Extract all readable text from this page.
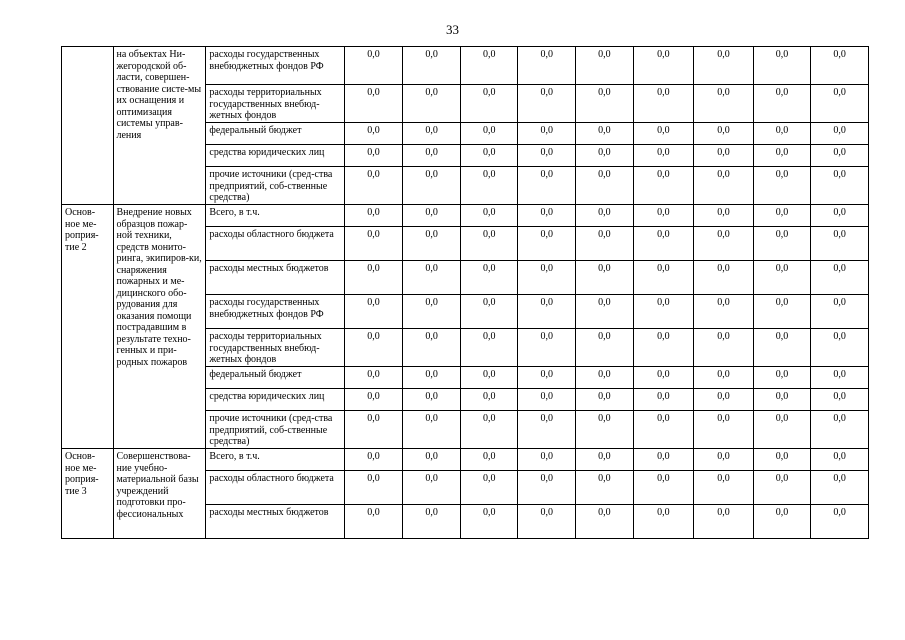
33
	на объектах Ни-жегородской об-ласти, совершен-ствование систе-мы их оснащения и оптимизация системы управ-ления	расходы государственных внебюджетных фондов РФ	0,0	0,0	0,0	0,0	0,0	0,0	0,0	0,0	0,0
		расходы территориальных государственных внебюд-жетных фондов	0,0	0,0	0,0	0,0	0,0	0,0	0,0	0,0	0,0
		федеральный бюджет	0,0	0,0	0,0	0,0	0,0	0,0	0,0	0,0	0,0
		средства юридических лиц	0,0	0,0	0,0	0,0	0,0	0,0	0,0	0,0	0,0
		прочие источники (сред-ства предприятий, соб-ственные средства)	0,0	0,0	0,0	0,0	0,0	0,0	0,0	0,0	0,0
Основ-ное ме-роприя-тие 2	Внедрение новых образцов пожар-ной техники, средств монито-ринга, экипиров-ки, снаряжения пожарных и ме-дицинского обо-рудования для оказания помощи пострадавшим в результате техно-генных и при-родных пожаров	Всего, в т.ч.	0,0	0,0	0,0	0,0	0,0	0,0	0,0	0,0	0,0
		расходы областного бюджета	0,0	0,0	0,0	0,0	0,0	0,0	0,0	0,0	0,0
		расходы местных бюджетов	0,0	0,0	0,0	0,0	0,0	0,0	0,0	0,0	0,0
		расходы государственных внебюджетных фондов РФ	0,0	0,0	0,0	0,0	0,0	0,0	0,0	0,0	0,0
		расходы территориальных государственных внебюд-жетных фондов	0,0	0,0	0,0	0,0	0,0	0,0	0,0	0,0	0,0
		федеральный бюджет	0,0	0,0	0,0	0,0	0,0	0,0	0,0	0,0	0,0
		средства юридических лиц	0,0	0,0	0,0	0,0	0,0	0,0	0,0	0,0	0,0
		прочие источники (сред-ства предприятий, соб-ственные средства)	0,0	0,0	0,0	0,0	0,0	0,0	0,0	0,0	0,0
Основ-ное ме-роприя-тие 3	Совершенствова-ние учебно-материальной базы учреждений подготовки про-фессиональных	Всего, в т.ч.	0,0	0,0	0,0	0,0	0,0	0,0	0,0	0,0	0,0
		расходы областного бюджета	0,0	0,0	0,0	0,0	0,0	0,0	0,0	0,0	0,0
		расходы местных бюджетов	0,0	0,0	0,0	0,0	0,0	0,0	0,0	0,0	0,0
